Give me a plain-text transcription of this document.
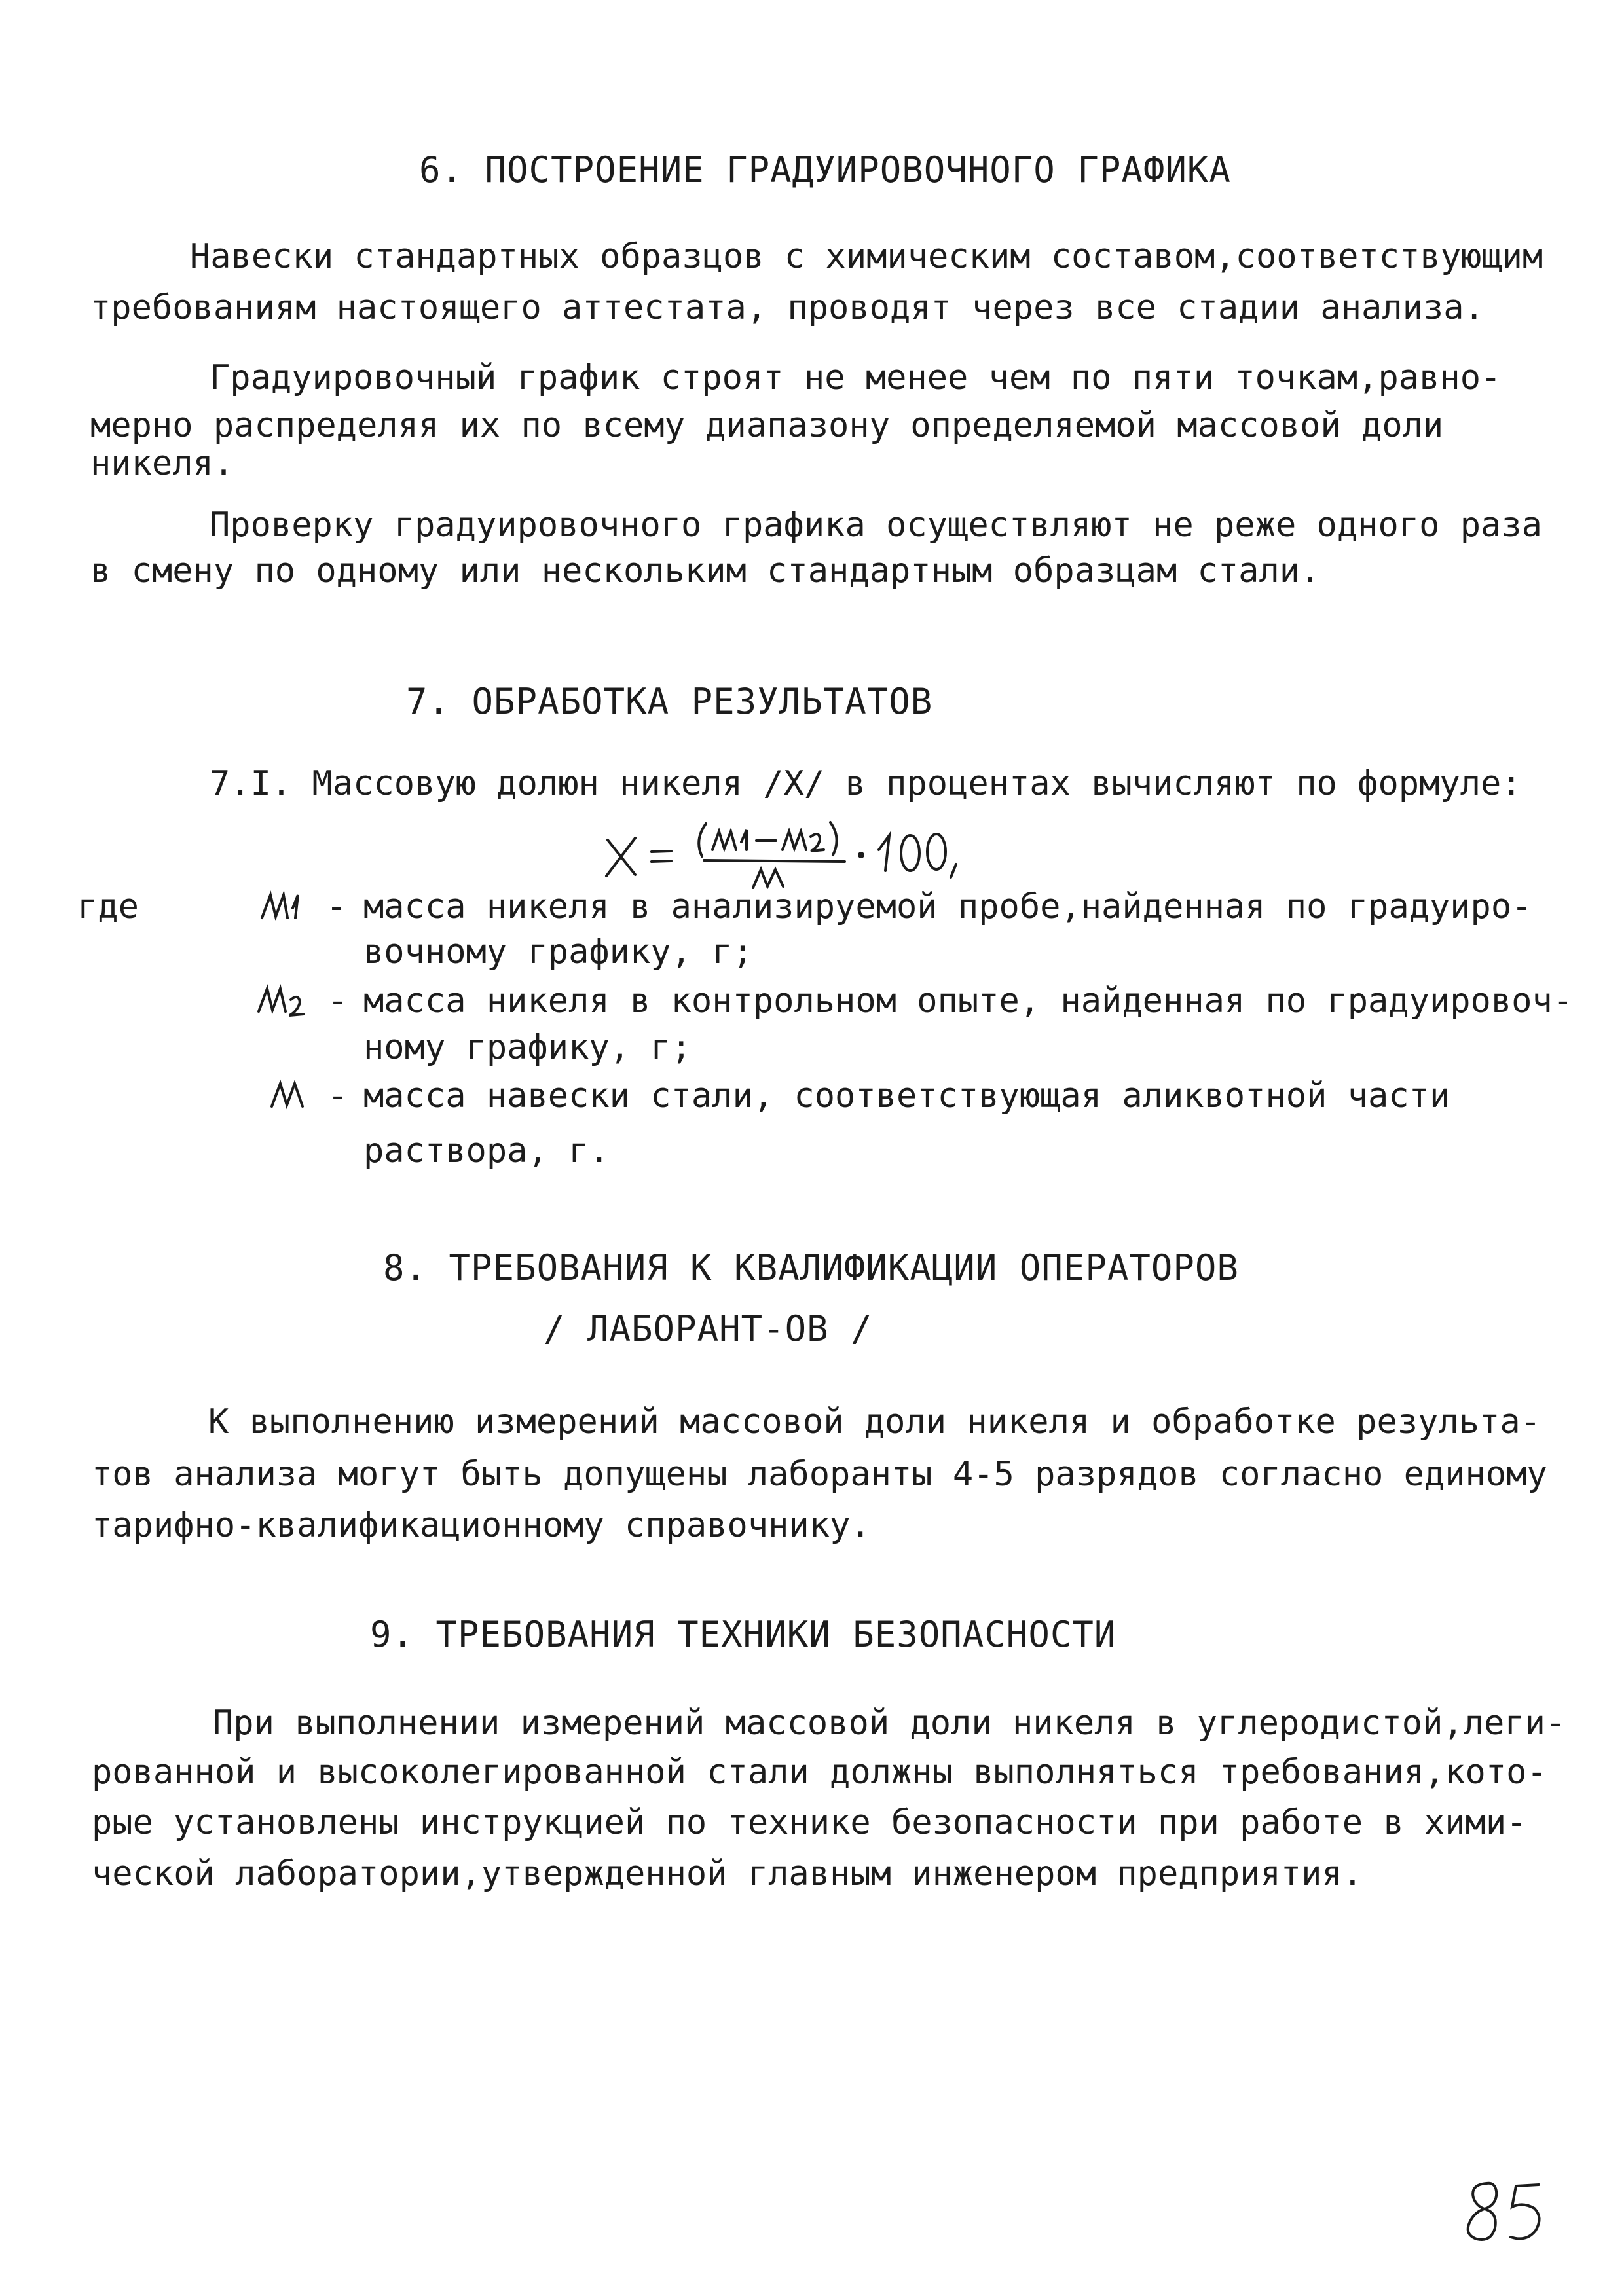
6. ПОСТРОЕНИЕ ГРАДУИРОВОЧНОГО ГРАФИКА
Навески стандартных образцов с химическим составом,соответствующим
требованиям настоящего аттестата, проводят через все стадии анализа.
Градуировочный график строят не менее чем по пяти точкам,равно-
мерно распределяя их по всему диапазону определяемой массовой доли
никеля.
Проверку градуировочного графика осуществляют не реже одного раза
в смену по одному или нескольким стандартным образцам стали.
7. ОБРАБОТКА РЕЗУЛЬТАТОВ
7.I. Массовую долюн никеля /X/ в процентах вычисляют по формуле:
где	- масса никеля в анализируемой пробе,найденная по градуиро-
вочному графику, г;
- масса никеля в контрольном опыте, найденная по градуировоч-
ному графику, г;
- масса навески стали, соответствующая аликвотной части
раствора, г.
8. ТРЕБОВАНИЯ К КВАЛИФИКАЦИИ ОПЕРАТОРОВ
/ ЛАБОРАНТ-ОВ /
К выполнению измерений массовой доли никеля и обработке результа-
тов анализа могут быть допущены лаборанты 4-5 разрядов согласно единому
тарифно-квалификационному справочнику.
9. ТРЕБОВАНИЯ ТЕХНИКИ БЕЗОПАСНОСТИ
При выполнении измерений массовой доли никеля в углеродистой,леги-
рованной и высоколегированной стали должны выполняться требования,кото-
рые установлены инструкцией по технике безопасности при работе в хими-
ческой лаборатории,утвержденной главным инженером предприятия.
